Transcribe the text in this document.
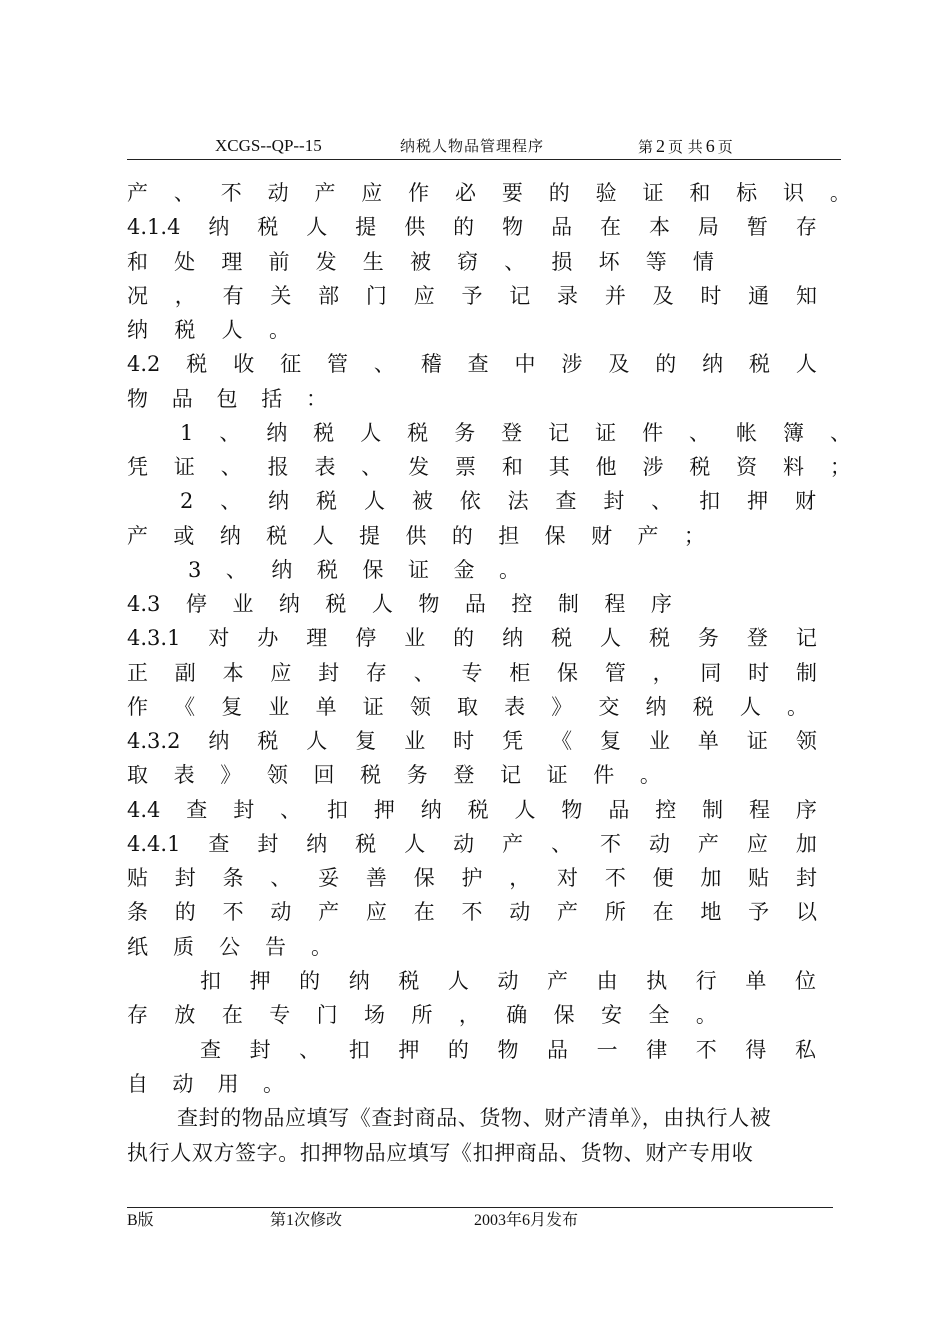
XCGS--QP--15	纳税人物品管理程序	第 2 页 共 6 页
产 、 不 动 产 应 作 必 要 的 验 证 和 标 识 。
4.1.4 纳 税 人 提 供 的 物 品 在 本 局 暂 存
和 处 理 前 发 生 被 窃 、 损 坏 等 情
况 ， 有 关 部 门 应 予 记 录 并 及 时 通 知
纳 税 人 。
4.2 税 收 征 管 、 稽 查 中 涉 及 的 纳 税 人
物 品 包 括 ：
1 、 纳 税 人 税 务 登 记 证 件 、 帐 簿 、
凭 证 、 报 表 、 发 票 和 其 他 涉 税 资 料 ；
2 、 纳 税 人 被 依 法 查 封 、 扣 押 财
产 或 纳 税 人 提 供 的 担 保 财 产 ；
3 、 纳 税 保 证 金 。
4.3 停 业 纳 税 人 物 品 控 制 程 序
4.3.1 对 办 理 停 业 的 纳 税 人 税 务 登 记
正 副 本 应 封 存 、 专 柜 保 管 ， 同 时 制
作 《 复 业 单 证 领 取 表 》 交 纳 税 人 。
4.3.2 纳 税 人 复 业 时 凭 《 复 业 单 证 领
取 表 》 领 回 税 务 登 记 证 件 。
4.4 查 封 、 扣 押 纳 税 人 物 品 控 制 程 序
4.4.1 查 封 纳 税 人 动 产 、 不 动 产 应 加
贴 封 条 、 妥 善 保 护 ， 对 不 便 加 贴 封
条 的 不 动 产 应 在 不 动 产 所 在 地 予 以
纸 质 公 告 。
扣 押 的 纳 税 人 动 产 由 执 行 单 位
存 放 在 专 门 场 所 ， 确 保 安 全 。
查 封 、 扣 押 的 物 品 一 律 不 得 私
自 动 用 。
查封的物品应填写《查封商品、货物、财产清单》，由执行人被
执行人双方签字。扣押物品应填写《扣押商品、货物、财产专用收
B版	第1次修改	2003年6月发布
